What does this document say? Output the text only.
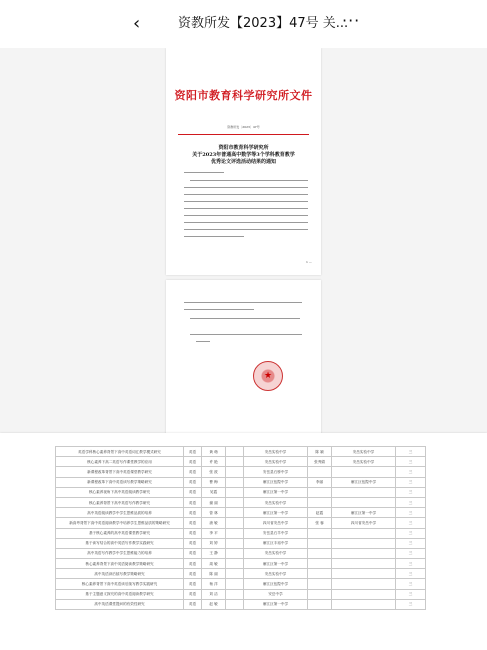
‹	资教所发【2023】47号 关...
···
资阳市教育科学研究所文件
资教所发〔2023〕47号
资阳市教育科学研究所
关于2023年普通高中数学等3个学科教育教学
优秀论文评选活动结果的通知
1 —
★
英语学科核心素养背景下高中英语词汇教学模式研究	英语	黄 萌		安岳实验中学	陈 颖	安岳实验中学	三
核心素养下高二英语写作课堂教学的应用	英语	许 艳		安岳实验中学	张秀娟	安岳实验中学	三
新课程改革背景下高中英语课堂教学研究	英语	张 波		安岳县石桥中学			三
新课程改革下高中英语读写教学策略研究	英语	曹 梅		雁江区伍隍中学	李丽	雁江区伍隍中学	三
核心素养视角下高中英语阅读教学研究	英语	吴霞		雁江区第一中学			三
核心素养背景下高中英语写作教学研究	英语	谢 丽		安岳实验中学			三
高中英语阅读教学中学生思维品质的培养	英语	曾 林		雁江区第一中学	赵霞	雁江区第一中学	三
新高考背景下高中英语阅读教学中培养学生思维品质的策略研究	英语	唐 敏		四川省安岳中学	张 蓉	四川省安岳中学	三
基于核心素养的高中英语课堂教学研究	英语	李 平		安岳县石羊中学			三
基于读写结合的高中英语写作教学实践研究	英语	刘 婷		雁江区丰裕中学			三
高中英语写作教学中学生思维能力的培养	英语	王 静		安岳实验中学			三
核心素养背景下高中英语阅读教学策略研究	英语	周 敏		雁江区第一中学			三
高中英语读后续写教学策略研究	英语	陈 丽		安岳实验中学			三
核心素养背景下高中英语读后续写教学实践研究	英语	杨 洋		雁江区伍隍中学			三
基于主题意义探究的高中英语阅读教学研究	英语	刘 洁		安岳中学			三
高中英语课堂提问的有效性研究	英语	赵 敏		雁江区第一中学			三
